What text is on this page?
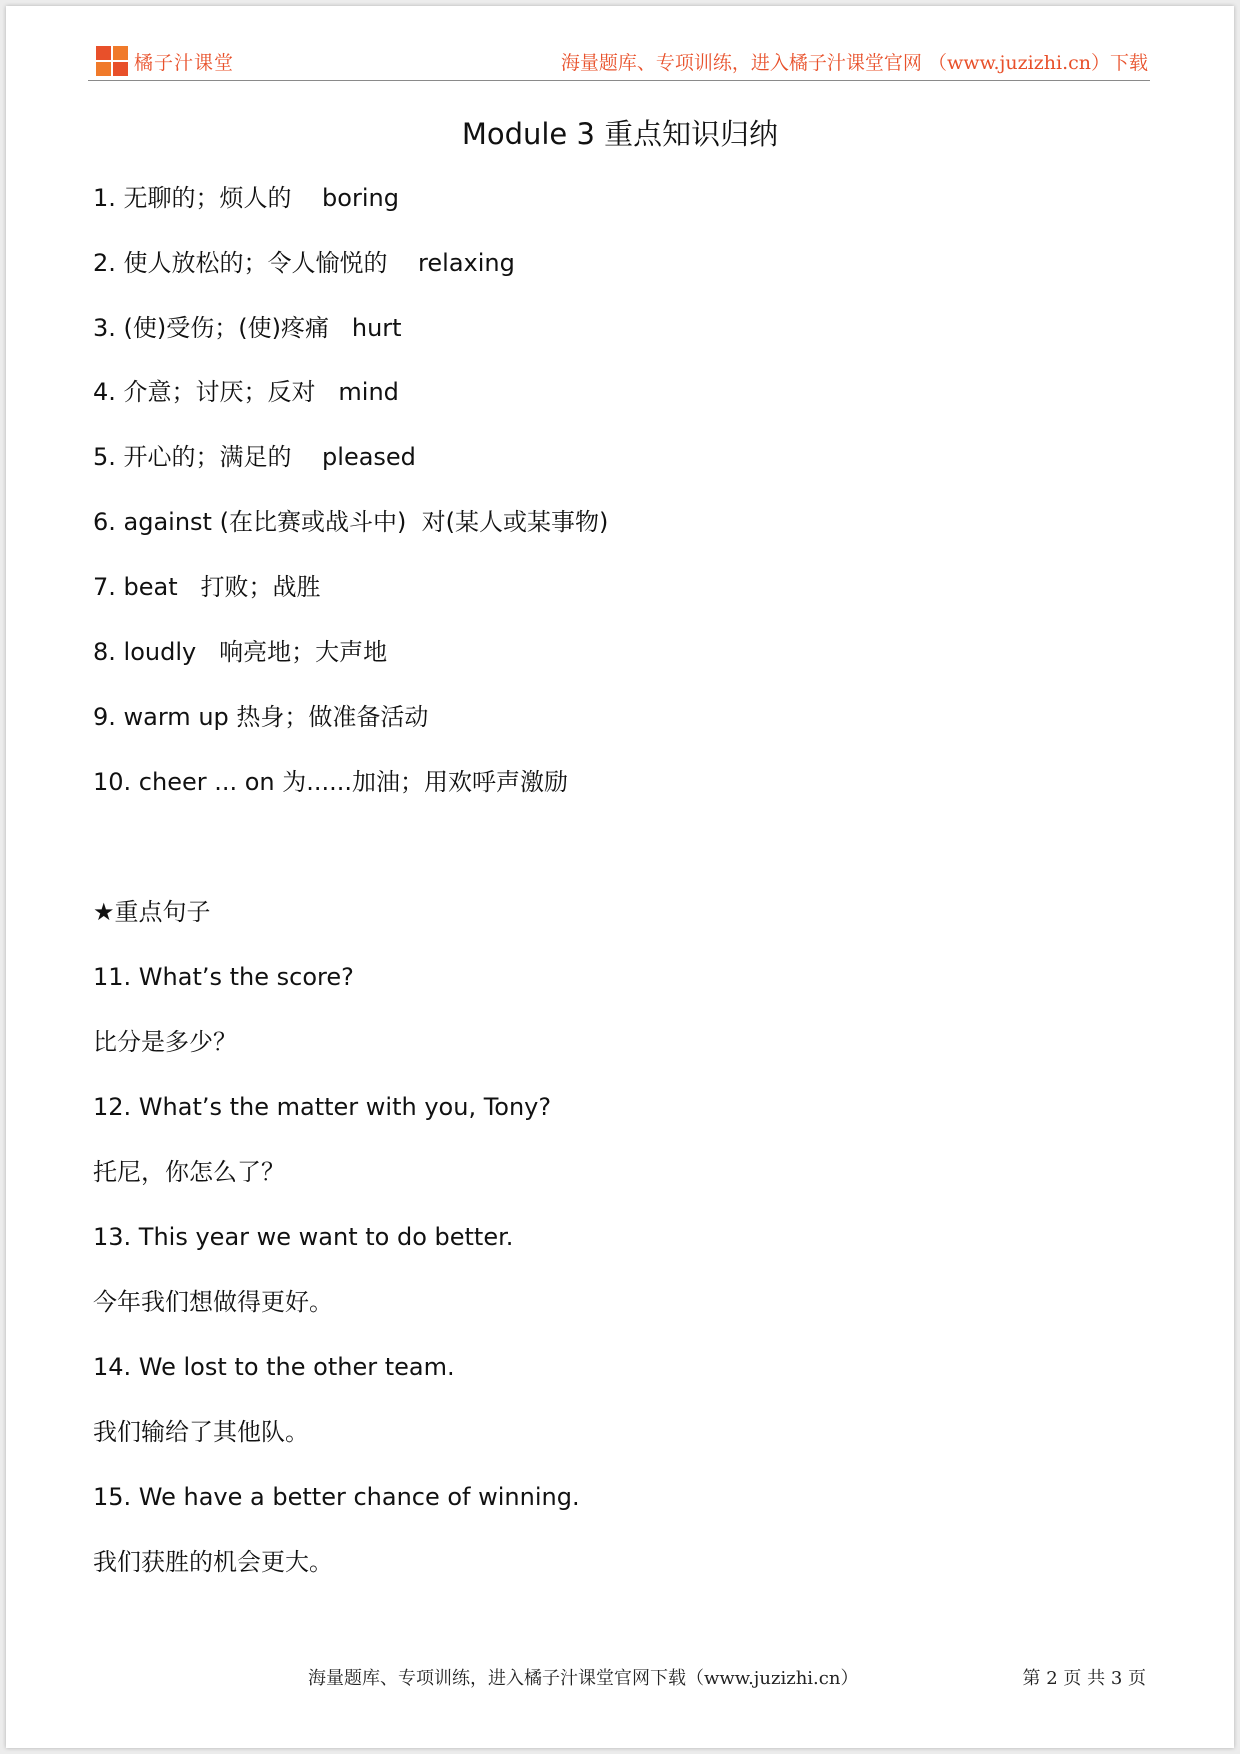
橘子汁课堂	海量题库、专项训练，进入橘子汁课堂官网 （www.juzizhi.cn）下载
Module 3 重点知识归纳
1. 无聊的；烦人的    boring
2. 使人放松的；令人愉悦的    relaxing
3. (使)受伤；(使)疼痛   hurt
4. 介意；讨厌；反对   mind
5. 开心的；满足的    pleased
6. against (在比赛或战斗中)  对(某人或某事物)
7. beat   打败；战胜
8. loudly   响亮地；大声地
9. warm up 热身；做准备活动
10. cheer ... on 为......加油；用欢呼声激励
★重点句子
11. What’s the score?
比分是多少？
12. What’s the matter with you, Tony?
托尼，你怎么了？
13. This year we want to do better.
今年我们想做得更好。
14. We lost to the other team.
我们输给了其他队。
15. We have a better chance of winning.
我们获胜的机会更大。
海量题库、专项训练，进入橘子汁课堂官网下载（www.juzizhi.cn）	第 2 页 共 3 页
